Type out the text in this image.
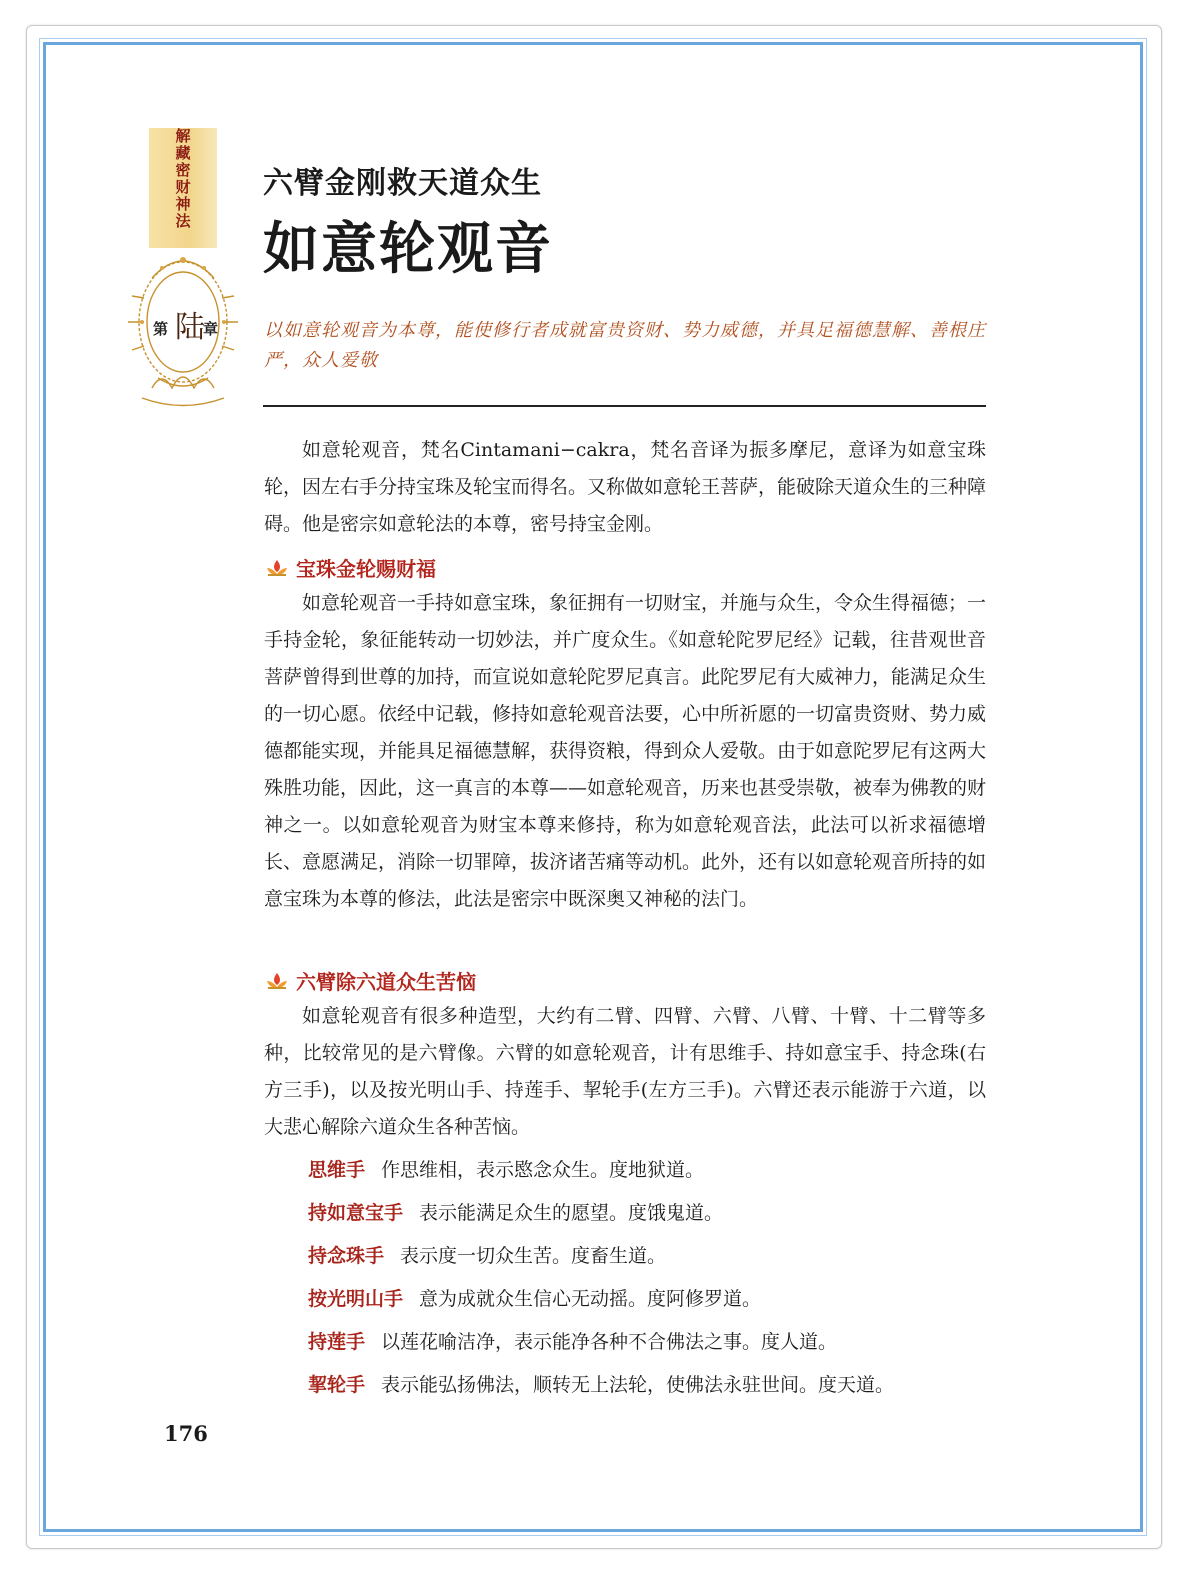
解藏密财神法
第 陆
章
六臂金刚救天道众生
如意轮观音
以如意轮观音为本尊，能使修行者成就富贵资财、势力威德，并具足福德慧解、善根庄严，众人爱敬

如意轮观音，梵名Cintamani−cakra，梵名音译为振多摩尼，意译为如意宝珠轮，因左右手分持宝珠及轮宝而得名。又称做如意轮王菩萨，能破除天道众生的三种障碍。他是密宗如意轮法的本尊，密号持宝金刚。

宝珠金轮赐财福

如意轮观音一手持如意宝珠，象征拥有一切财宝，并施与众生，令众生得福德；一手持金轮，象征能转动一切妙法，并广度众生。《如意轮陀罗尼经》记载，往昔观世音菩萨曾得到世尊的加持，而宣说如意轮陀罗尼真言。此陀罗尼有大威神力，能满足众生的一切心愿。依经中记载，修持如意轮观音法要，心中所祈愿的一切富贵资财、势力威德都能实现，并能具足福德慧解，获得资粮，得到众人爱敬。由于如意陀罗尼有这两大殊胜功能，因此，这一真言的本尊——如意轮观音，历来也甚受崇敬，被奉为佛教的财神之一。以如意轮观音为财宝本尊来修持，称为如意轮观音法，此法可以祈求福德增长、意愿满足，消除一切罪障，拔济诸苦痛等动机。此外，还有以如意轮观音所持的如意宝珠为本尊的修法，此法是密宗中既深奥又神秘的法门。

六臂除六道众生苦恼

如意轮观音有很多种造型，大约有二臂、四臂、六臂、八臂、十臂、十二臂等多种，比较常见的是六臂像。六臂的如意轮观音，计有思维手、持如意宝手、持念珠(右方三手)，以及按光明山手、持莲手、挈轮手(左方三手)。六臂还表示能游于六道，以大悲心解除六道众生各种苦恼。

思维手 作思维相，表示愍念众生。度地狱道。
持如意宝手 表示能满足众生的愿望。度饿鬼道。
持念珠手 表示度一切众生苦。度畜生道。
按光明山手 意为成就众生信心无动摇。度阿修罗道。
持莲手 以莲花喻洁净，表示能净各种不合佛法之事。度人道。
挈轮手 表示能弘扬佛法，顺转无上法轮，使佛法永驻世间。度天道。
176
